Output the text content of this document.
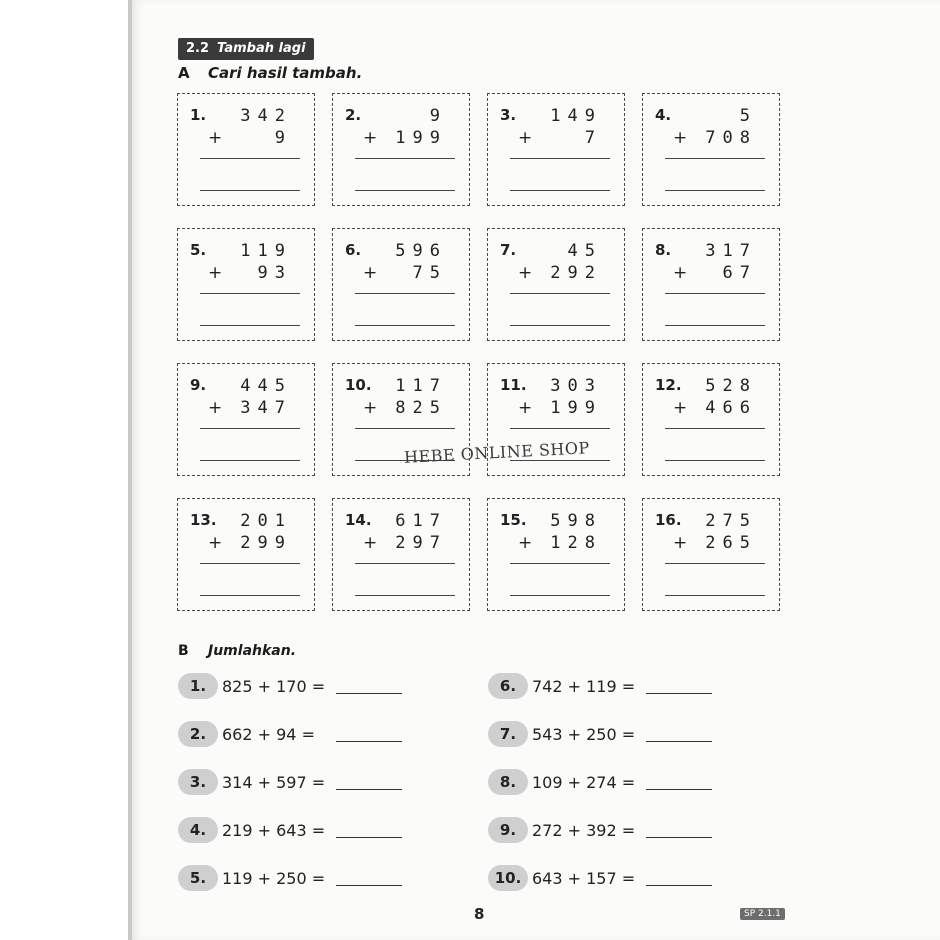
2.2 Tambah lagi
A Cari hasil tambah.
1. 342
+	9
2.	9
+ 199
3. 149
+	7
4.	5
+ 708
5. 119
+ 93
6. 596
+ 75
7.	45
+ 292
8. 317
+ 67
9. 445
+ 347
10. 117
+ 825
11. 303
+ 199
12. 528
+ 466
13. 201
+ 299
14. 617
+ 297
15. 598
+ 128
16. 275
+ 265
HEBE ONLINE SHOP
B Jumlahkan.
1. 825 + 170 =
2. 662 + 94 =
3. 314 + 597 =
4. 219 + 643 =
5. 119 + 250 =
6. 742 + 119 =
7. 543 + 250 =
8. 109 + 274 =
9. 272 + 392 =
10. 643 + 157 =
8	SP 2.1.1
